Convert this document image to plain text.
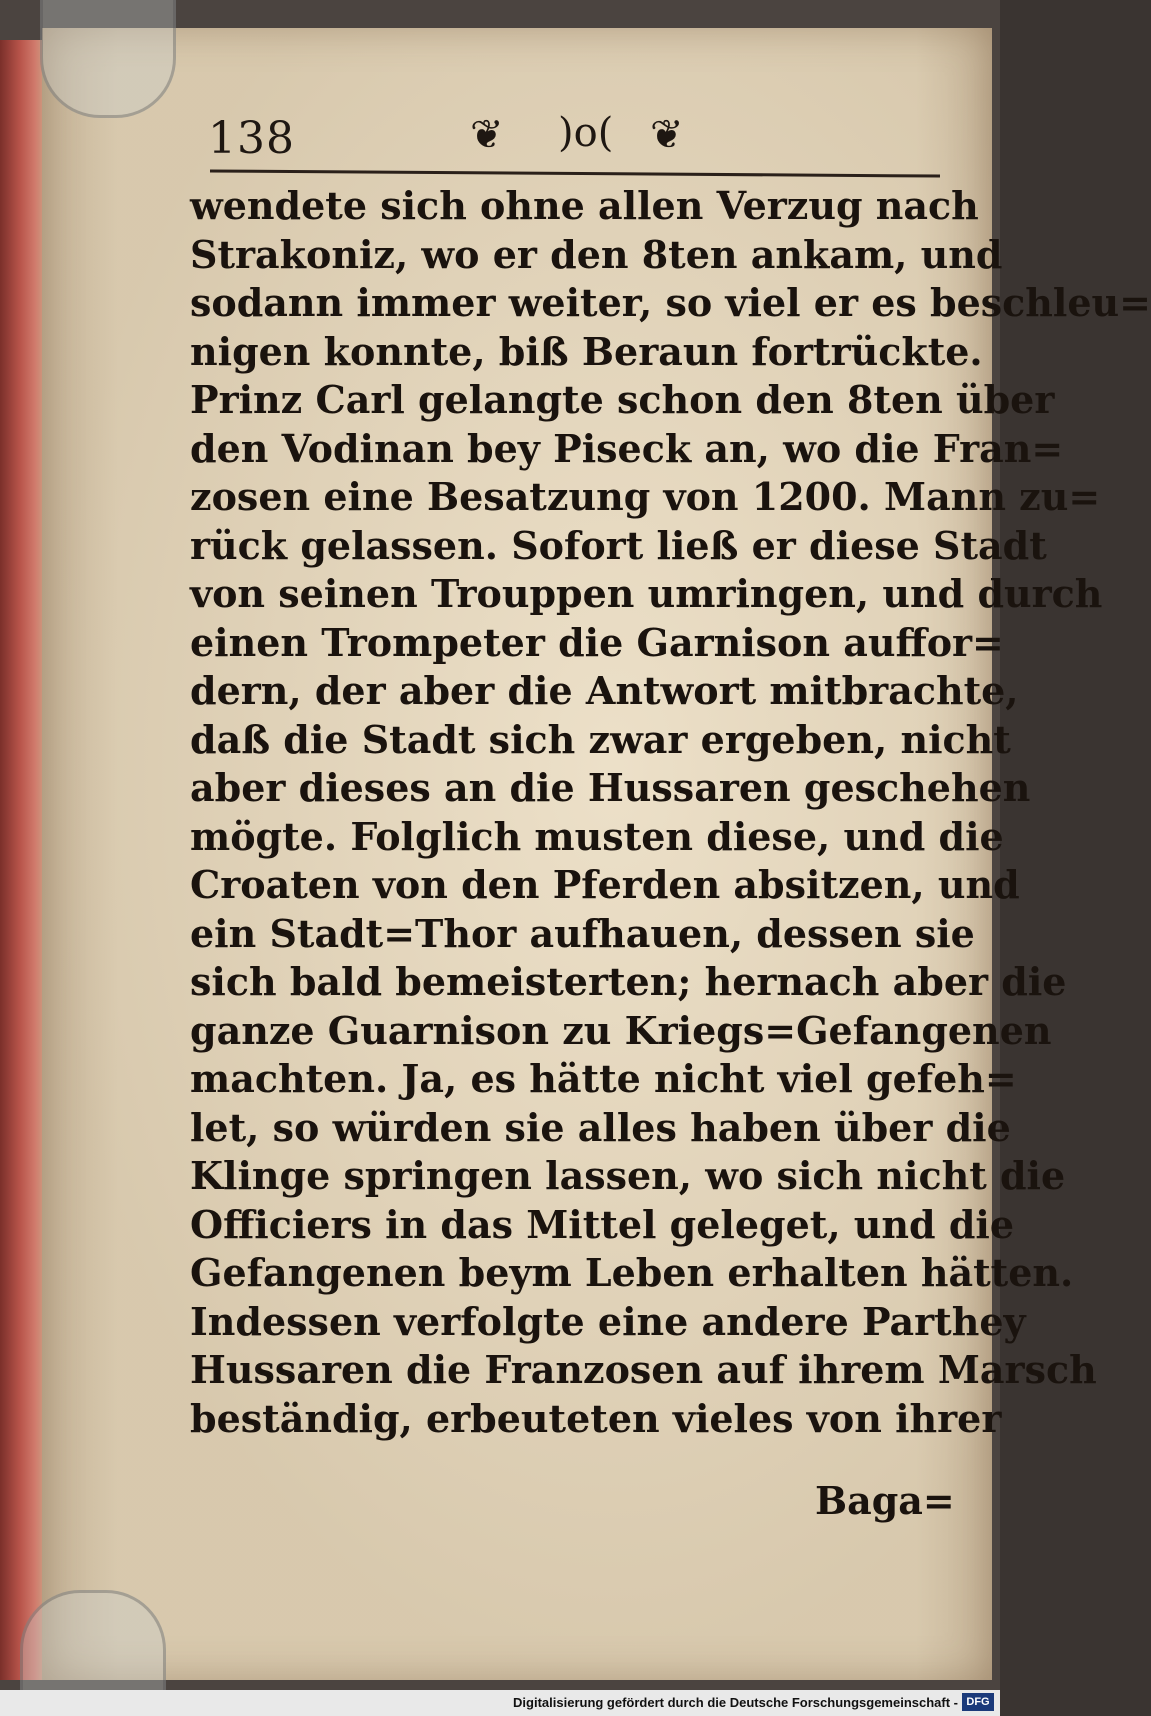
138	❦ )o( ❦
wendete sich ohne allen Verzug nach
Strakoniz, wo er den 8ten ankam, und
sodann immer weiter, so viel er es beschleu=
nigen konnte, biß Beraun fortrückte.
Prinz Carl gelangte schon den 8ten über
den Vodinan bey Piseck an, wo die Fran=
zosen eine Besatzung von 1200. Mann zu=
rück gelassen. Sofort ließ er diese Stadt
von seinen Trouppen umringen, und durch
einen Trompeter die Garnison auffor=
dern, der aber die Antwort mitbrachte,
daß die Stadt sich zwar ergeben, nicht
aber dieses an die Hussaren geschehen
mögte. Folglich musten diese, und die
Croaten von den Pferden absitzen, und
ein Stadt=Thor aufhauen, dessen sie
sich bald bemeisterten; hernach aber die
ganze Guarnison zu Kriegs=Gefangenen
machten. Ja, es hätte nicht viel gefeh=
let, so würden sie alles haben über die
Klinge springen lassen, wo sich nicht die
Officiers in das Mittel geleget, und die
Gefangenen beym Leben erhalten hätten.
Indessen verfolgte eine andere Parthey
Hussaren die Franzosen auf ihrem Marsch
beständig, erbeuteten vieles von ihrer
Baga=
Digitalisierung gefördert durch die Deutsche Forschungsgemeinschaft - DFG
